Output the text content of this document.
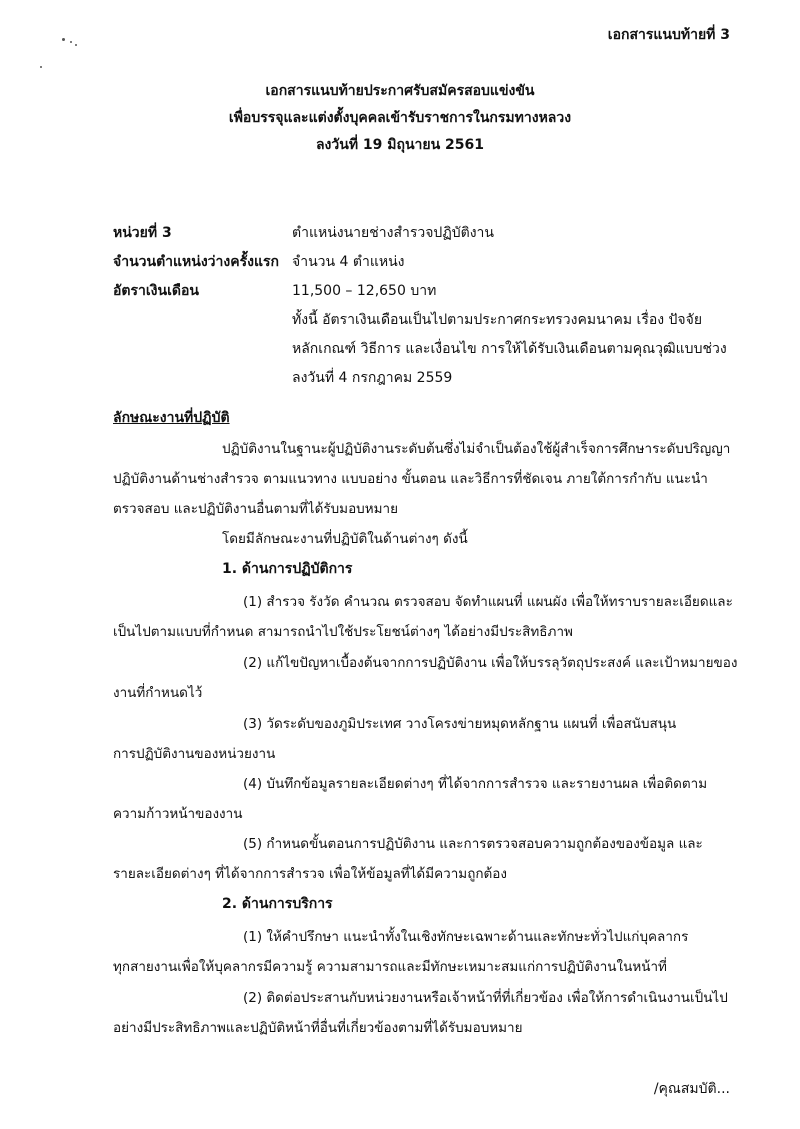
เอกสารแนบท้ายที่ 3
เอกสารแนบท้ายประกาศรับสมัครสอบแข่งขัน
เพื่อบรรจุและแต่งตั้งบุคคลเข้ารับราชการในกรมทางหลวง
ลงวันที่ 19 มิถุนายน 2561
หน่วยที่ 3	ตำแหน่งนายช่างสำรวจปฏิบัติงาน
จำนวนตำแหน่งว่างครั้งแรก จำนวน 4 ตำแหน่ง
อัตราเงินเดือน	11,500 – 12,650 บาท
ทั้งนี้ อัตราเงินเดือนเป็นไปตามประกาศกระทรวงคมนาคม เรื่อง ปัจจัย
หลักเกณฑ์ วิธีการ และเงื่อนไข การให้ได้รับเงินเดือนตามคุณวุฒิแบบช่วง
ลงวันที่ 4 กรกฎาคม 2559
ลักษณะงานที่ปฏิบัติ
ปฏิบัติงานในฐานะผู้ปฏิบัติงานระดับต้นซึ่งไม่จำเป็นต้องใช้ผู้สำเร็จการศึกษาระดับปริญญา
ปฏิบัติงานด้านช่างสำรวจ ตามแนวทาง แบบอย่าง ขั้นตอน และวิธีการที่ชัดเจน ภายใต้การกำกับ แนะนำ
ตรวจสอบ และปฏิบัติงานอื่นตามที่ได้รับมอบหมาย
โดยมีลักษณะงานที่ปฏิบัติในด้านต่างๆ ดังนี้
1. ด้านการปฏิบัติการ
(1) สำรวจ รังวัด คำนวณ ตรวจสอบ จัดทำแผนที่ แผนผัง เพื่อให้ทราบรายละเอียดและ
เป็นไปตามแบบที่กำหนด สามารถนำไปใช้ประโยชน์ต่างๆ ได้อย่างมีประสิทธิภาพ
(2) แก้ไขปัญหาเบื้องต้นจากการปฏิบัติงาน เพื่อให้บรรลุวัตถุประสงค์ และเป้าหมายของ
งานที่กำหนดไว้
(3) วัดระดับของภูมิประเทศ วางโครงข่ายหมุดหลักฐาน แผนที่ เพื่อสนับสนุน
การปฏิบัติงานของหน่วยงาน
(4) บันทึกข้อมูลรายละเอียดต่างๆ ที่ได้จากการสำรวจ และรายงานผล เพื่อติดตาม
ความก้าวหน้าของงาน
(5) กำหนดขั้นตอนการปฏิบัติงาน และการตรวจสอบความถูกต้องของข้อมูล และ
รายละเอียดต่างๆ ที่ได้จากการสำรวจ เพื่อให้ข้อมูลที่ได้มีความถูกต้อง
2. ด้านการบริการ
(1) ให้คำปรึกษา แนะนำทั้งในเชิงทักษะเฉพาะด้านและทักษะทั่วไปแก่บุคลากร
ทุกสายงานเพื่อให้บุคลากรมีความรู้ ความสามารถและมีทักษะเหมาะสมแก่การปฏิบัติงานในหน้าที่
(2) ติดต่อประสานกับหน่วยงานหรือเจ้าหน้าที่ที่เกี่ยวข้อง เพื่อให้การดำเนินงานเป็นไป
อย่างมีประสิทธิภาพและปฏิบัติหน้าที่อื่นที่เกี่ยวข้องตามที่ได้รับมอบหมาย
/คุณสมบัติ...
